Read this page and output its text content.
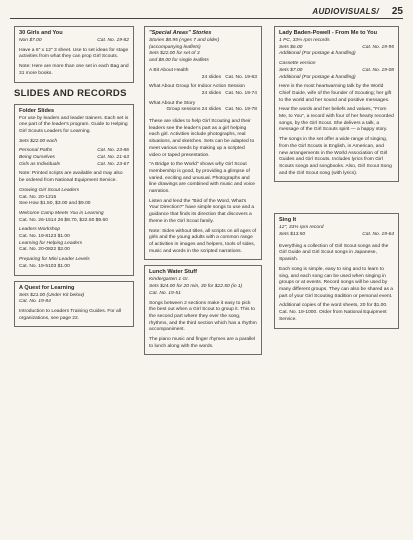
AUDIOVISUALS/ 25
30 Girls and You
Non $7.00	Cat. No. 19-82
Have a 6" x 12" 3 sheet. Use to set ideas for stage activities from what they can prop Girl Scouts.
Note: Here are more than one set in each Bag and 31 more books.
SLIDES AND RECORDS
Folder Slides
For use by leaders and leader trainers. Each set is one part of the leader's program. Guide to Helping Girl Scouts Leaders for Learning.
Sets $22.00 each
Personal Paths	Cat. No. 23-86
Being Ourselves	Cat. No. 21-63
Girls as Individuals	Cat. No. 23-67
Note: Printed scripts are available and may also be ordered from National Equipment Service.
Growing Girl Scout Leaders
Cat. No. 20-1215
See How $1.50, $3.00 and $9.00
Welcome Camp Meets You in Learning
Cat. No. 26-1514 26 $8.70, $22.50 $9.60
Leaders Workshop
Cat. No. 19-8123 $1.00
Learning for Helping Leaders
Cat. No. 20-0822 $2.00
Preparing for Mini Leader Levels
Cat. No. 19-5103 $1.00
A Quest for Learning
Sets $21.00 (Under Kit below)
Cat. No. 19-84
Introduction to Leaders Training Guides. For all organizations, see page 22.
"Special Areas" Stories
Stories $8.95 (Ages 7 and older)
(accompanying leaflets)
Sets $22.00 for set of 3
and $8.00 for single leaflets
A Bit About Health
24 slides Cat. No. 19-63
What About Group for Indoor Action Session
24 slides Cat. No. 19-74
What About the Story
Group sessions 24 slides Cat. No. 19-78
These are slides to help Girl Scouting and their leaders see the leader's part as a girl helping each girl. Activities include photographs, real situations, and sketches. Sets can be adapted to meet various needs by making up a scripted video or taped presentation.
"A Bridge to the World" shows why Girl Scout membership is good, by providing a glimpse of varied, exciting and unusual. Photographs and line drawings are combined with music and voice narration.
Listen and lend the "Bird of the Word, What's Your Direction?" have simple songs to use and a guidance that finds its direction that discovers a theme in the Girl Scout family.
Note: Sides without titles, all scripts on all ages of girls and the young adults with a common range of activities in images and helpers, tools of sides, music and words in the scripted narrations.
Lunch Water Stuff
Kindergarten 1 Gr.
Sets $24.00 for 20 min, 30 for $22.50 (in 1)
Cat. No. 19-51
Songs between 2 sections make it easy to pick the best out when a Girl Scout to group it. This to the second part where they ever the song, rhythms, and the third section which has a rhythm accompaniment.
The piano music and finger rhymes are a parallel to lunch along with the words.
Lady Baden-Powell - From Me to You
1 PC, 33⅓ rpm records
Sets $6.00	Cat. No. 19-95
Additional (For postage & handling)
Cassette version
Sets $7.00	Cat. No. 19-08
Additional (For postage & handling)
Here is the most heartwarming talk by the World Chief Guide, wife of the founder of Scouting; her gift to the world and her sound and positive messages.
Hear the words and her beliefs and values, "From Me, to You", a record with four of her hearty recorded songs, by the Girl Scout. She delivers a talk, a message of the Girl Scouts spirit — a happy story.
The songs in the set offer a wide range of singing, from the Girl Scouts in English, in American, and new arrangements in the World Association of Girl Guides and Girl Scouts. Includes lyrics from Girl Scouts songs and songbooks. Also, Girl Scout Song and the Girl Scout song (with lyrics).
Sing It
12", 33⅓ rpm record
Sets $13.50	Cat. No. 19-64
Everything a collection of Girl Scout songs and the Girl Guide and Girl Scout songs in Japanese, Spanish.
Each song is simple, easy to sing and to learn to sing, and each song can be used when singing in groups or at events. Record songs will be used by many different groups. They can also be shared as a part of your Girl Scouting tradition or personal event.
Additional copies of the word sheets, 20 for $1.00. Cat. No. 19-1000. Order from National Equipment Service.
